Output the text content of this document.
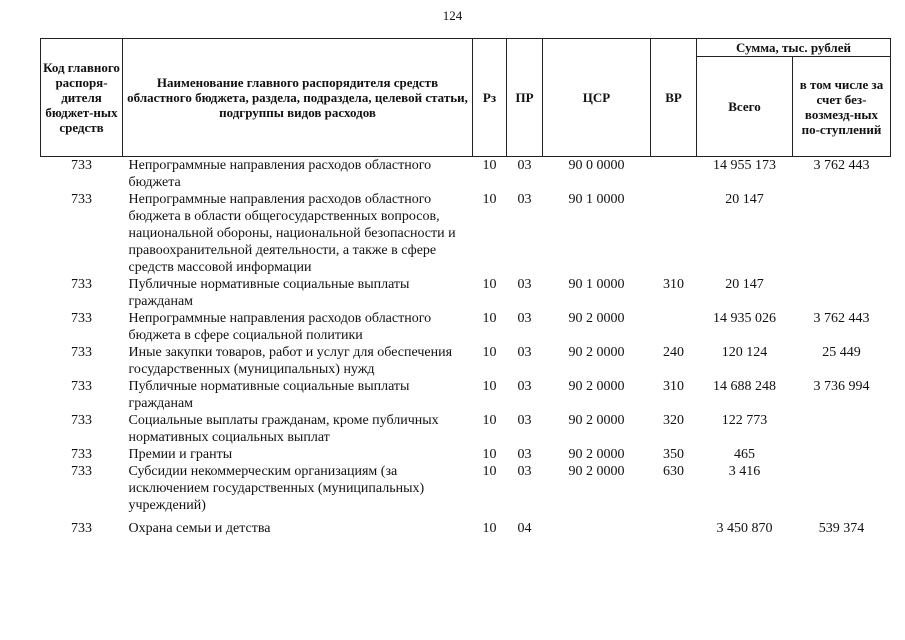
124
Код главного распоря-дителя бюджет-ных средств	Наименование главного распорядителя средств областного бюджета, раздела, подраздела, целевой статьи, подгруппы видов расходов	Рз	ПР	ЦСР	ВР	Сумма, тыс. рублей	
						Всего	в том числе за счет без-возмезд-ных по-ступлений
733	Непрограммные направления расходов областного бюджета	10	03	90 0 0000		14 955 173	3 762 443
733	Непрограммные направления расходов областного бюджета в области общегосударственных вопросов, национальной обороны, национальной безопасности и правоохранительной деятельности, а также в сфере средств массовой информации	10	03	90 1 0000		20 147	
733	Публичные нормативные социальные выплаты гражданам	10	03	90 1 0000	310	20 147	
733	Непрограммные направления расходов областного бюджета в сфере социальной политики	10	03	90 2 0000		14 935 026	3 762 443
733	Иные закупки товаров, работ и услуг для обеспечения государственных (муниципальных) нужд	10	03	90 2 0000	240	120 124	25 449
733	Публичные нормативные социальные выплаты гражданам	10	03	90 2 0000	310	14 688 248	3 736 994
733	Социальные выплаты гражданам, кроме публичных нормативных социальных выплат	10	03	90 2 0000	320	122 773	
733	Премии и гранты	10	03	90 2 0000	350	465	
733	Субсидии некоммерческим организациям (за исключением государственных (муниципальных) учреждений)	10	03	90 2 0000	630	3 416	

733	Охрана семьи и детства	10	04			3 450 870	539 374
